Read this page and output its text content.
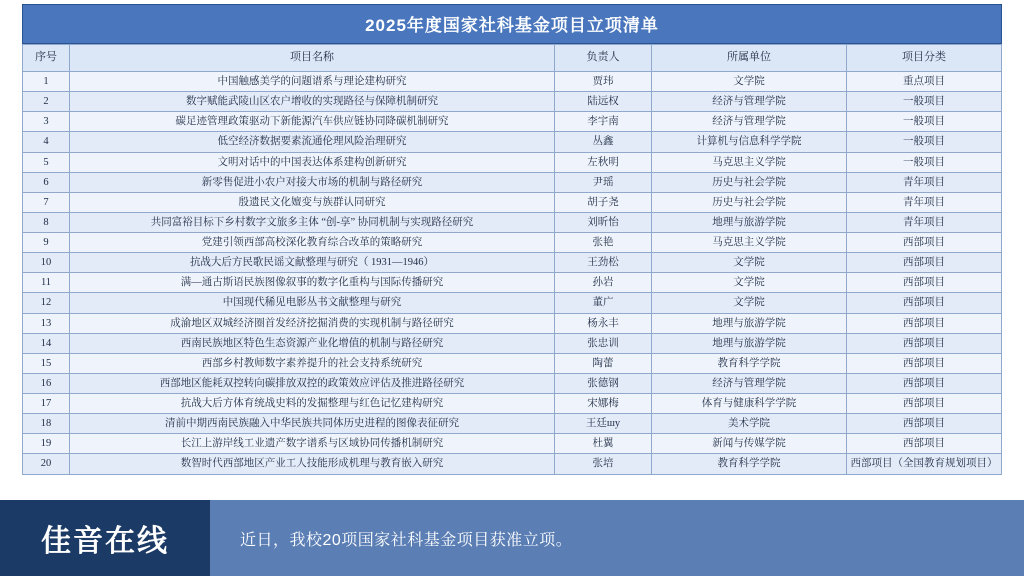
2025年度国家社科基金项目立项清单
序号	项目名称	负责人	所属单位	项目分类
1	中国触感美学的问题谱系与理论建构研究	贾玮	文学院	重点项目
2	数字赋能武陵山区农户增收的实现路径与保障机制研究	陆远权	经济与管理学院	一般项目
3	碳足迹管理政策驱动下新能源汽车供应链协同降碳机制研究	李宇南	经济与管理学院	一般项目
4	低空经济数据要素流通伦理风险治理研究	丛鑫	计算机与信息科学学院	一般项目
5	文明对话中的中国表达体系建构创新研究	左秋明	马克思主义学院	一般项目
6	新零售促进小农户对接大市场的机制与路径研究	尹瑶	历史与社会学院	青年项目
7	殷遗民文化嬗变与族群认同研究	胡子尧	历史与社会学院	青年项目
8	共同富裕目标下乡村数字文旅多主体 “创-享” 协同机制与实现路径研究	刘昕怡	地理与旅游学院	青年项目
9	党建引领西部高校深化教育综合改革的策略研究	张艳	马克思主义学院	西部项目
10	抗战大后方民歌民谣文献整理与研究（ 1931—1946）	王劲松	文学院	西部项目
11	满—通古斯语民族图像叙事的数字化重构与国际传播研究	孙岩	文学院	西部项目
12	中国现代稀见电影丛书文献整理与研究	董广	文学院	西部项目
13	成渝地区双城经济圈首发经济挖掘消费的实现机制与路径研究	杨永丰	地理与旅游学院	西部项目
14	西南民族地区特色生态资源产业化增值的机制与路径研究	张忠训	地理与旅游学院	西部项目
15	西部乡村教师数字素养提升的社会支持系统研究	陶蕾	教育科学学院	西部项目
16	西部地区能耗双控转向碳排放双控的政策效应评估及推进路径研究	张德钢	经济与管理学院	西部项目
17	抗战大后方体育统战史料的发掘整理与红色记忆建构研究	宋娜梅	体育与健康科学学院	西部项目
18	清前中期西南民族融入中华民族共同体历史进程的图像表征研究	王廷шу	美术学院	西部项目
19	长江上游岸线工业遗产数字谱系与区域协同传播机制研究	杜翼	新闻与传媒学院	西部项目
20	数智时代西部地区产业工人技能形成机理与教育嵌入研究	张培	教育科学学院	西部项目（全国教育规划项目）
佳音在线	近日，我校20项国家社科基金项目获准立项。
